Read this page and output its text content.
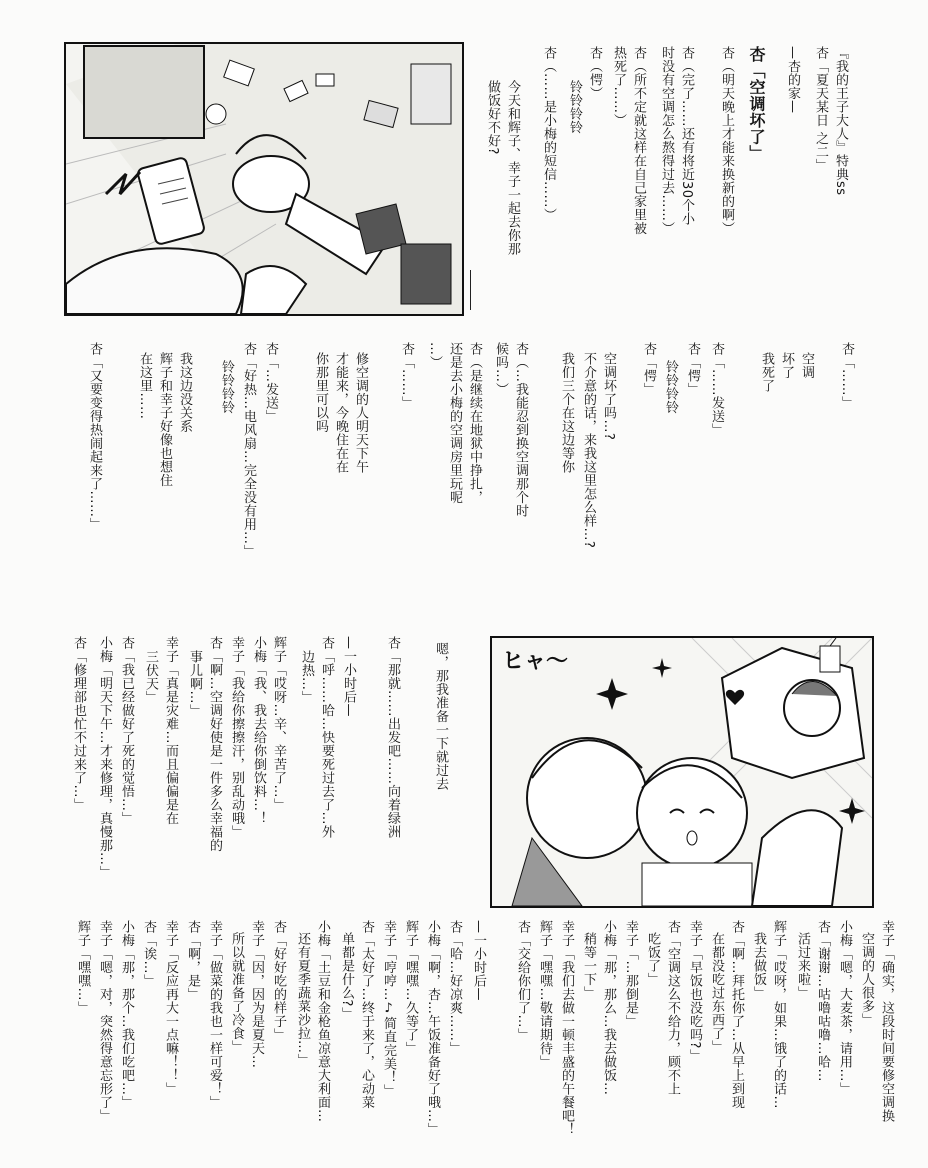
ヒャ〜
『我的王子大人』特典ss
杏「夏天某日 之二」
—杏的家—
杏「空调坏了」
杏（明天晚上才能来换新的啊）
杏（完了……还有将近30个小
时没有空调怎么熬得过去……）
杏（所不定就这样在自己家里被
热死了……）
杏（愕）
铃铃铃铃
杏（……是小梅的短信……）
今天和辉子、幸子一起去你那
做饭好不好?
杏「……」
空调
坏了
我死了
杏「……发送」
杏「愕」
铃铃铃铃
杏「愕」
空调坏了吗…?
不介意的话，来我这里怎么样…?
我们三个在这边等你
杏（…我能忍到换空调那个时
候吗…）
杏（是继续在地狱中挣扎，
还是去小梅的空调房里玩呢
…）
杏「……」
修空调的人明天下午
才能来，今晚住在在
你那里可以吗
杏「…发送」
杏「好热…电风扇…完全没有用…」
铃铃铃铃
我这边没关系
辉子和幸子好像也想住
在这里……
杏「又要变得热闹起来了……」
嗯，那我准备一下就过去
杏「那就……出发吧……向着绿洲
—一小时后—
杏「呼……哈…快要死过去了…外
边热…」
辉子「哎呀…辛、辛苦了…」
小梅「我、我去给你倒饮料…！
幸子「我给你擦擦汗，别乱动哦」
杏「啊…空调好使是一件多么幸福的
事儿啊…」
幸子「真是灾难…而且偏偏是在
三伏天」
杏「我已经做好了死的觉悟…」
小梅「明天下午…才来修理，真慢那…」
杏「修理部也忙不过来了…」
幸子「确实，这段时间要修空调换
空调的人很多」
小梅「嗯，大麦茶，请用…」
杏「谢谢…咕噜咕噜…哈…
活过来啦」
辉子「哎呀，如果…饿了的话…
我去做饭」
杏「啊…拜托你了…从早上到现
在都没吃过东西了」
幸子「早饭也没吃吗?」
杏「空调这么不给力，顾不上
吃饭了」
幸子「…那倒是」
小梅「那，那么…我去做饭…
稍等一下」
幸子「我们去做一顿丰盛的午餐吧！
辉子「嘿嘿…敬请期待」
杏「交给你们了…」
—一小时后—
杏「哈…好凉爽……」
小梅「啊，杏…午饭准备好了哦…」
辉子「嘿嘿…久等了」
幸子「哼哼…♪简直完美！」
杏「太好了…终于来了，心动菜
单都是什么?」
小梅「土豆和金枪鱼凉意大利面…
还有夏季蔬菜沙拉…」
杏「好好吃的样子」
幸子「因，因为是夏天…
所以就准备了冷食」
幸子「做菜的我也一样可爱！」
杏「啊，是」
幸子「反应再大一点嘛！！」
杏「诶…」
小梅「那，那个…我们吃吧…」
幸子「嗯，对，突然得意忘形了」
辉子「嘿嘿…」
